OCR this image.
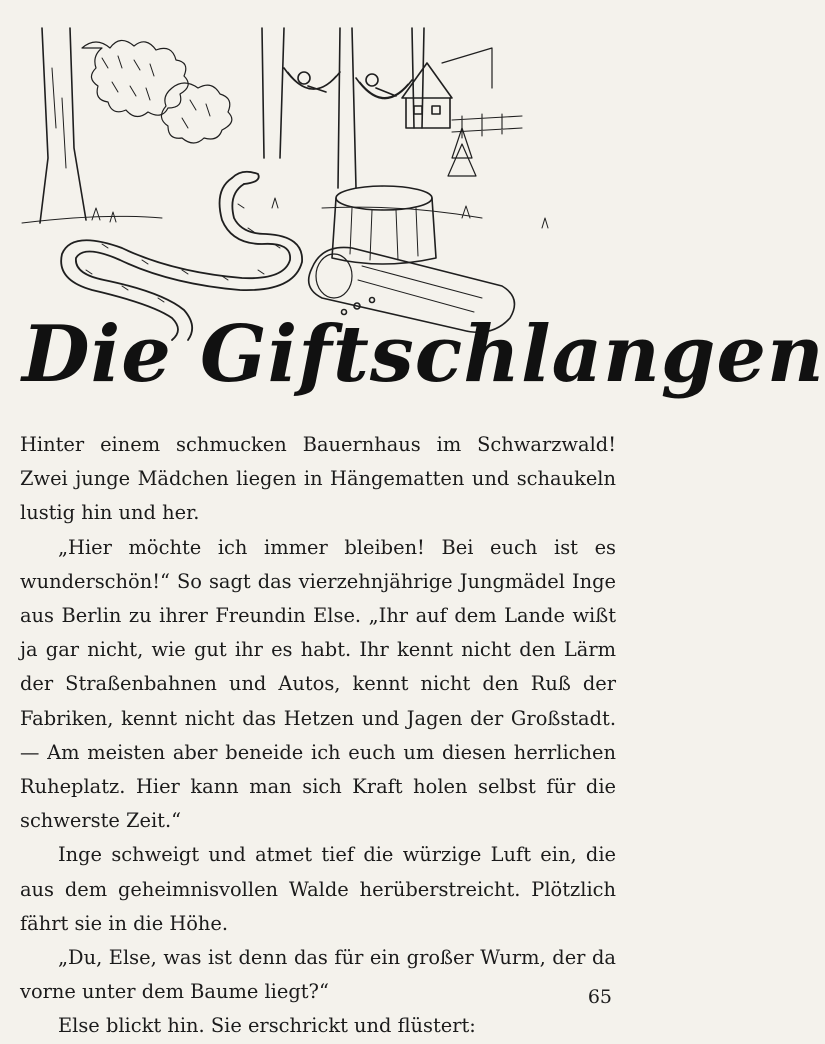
Die Giftschlangen

Hinter einem schmucken Bauernhaus im Schwarzwald! Zwei junge Mädchen liegen in Hängematten und schaukeln lustig hin und her.

„Hier möchte ich immer bleiben! Bei euch ist es wunderschön!“ So sagt das vierzehnjährige Jungmädel Inge aus Berlin zu ihrer Freundin Else. „Ihr auf dem Lande wißt ja gar nicht, wie gut ihr es habt. Ihr kennt nicht den Lärm der Straßenbahnen und Autos, kennt nicht den Ruß der Fabriken, kennt nicht das Hetzen und Jagen der Großstadt. — Am meisten aber beneide ich euch um diesen herrlichen Ruheplatz. Hier kann man sich Kraft holen selbst für die schwerste Zeit.“

Inge schweigt und atmet tief die würzige Luft ein, die aus dem geheimnisvollen Walde herüberstreicht. Plötzlich fährt sie in die Höhe.

„Du, Else, was ist denn das für ein großer Wurm, der da vorne unter dem Baume liegt?“

Else blickt hin. Sie erschrickt und flüstert:

65
